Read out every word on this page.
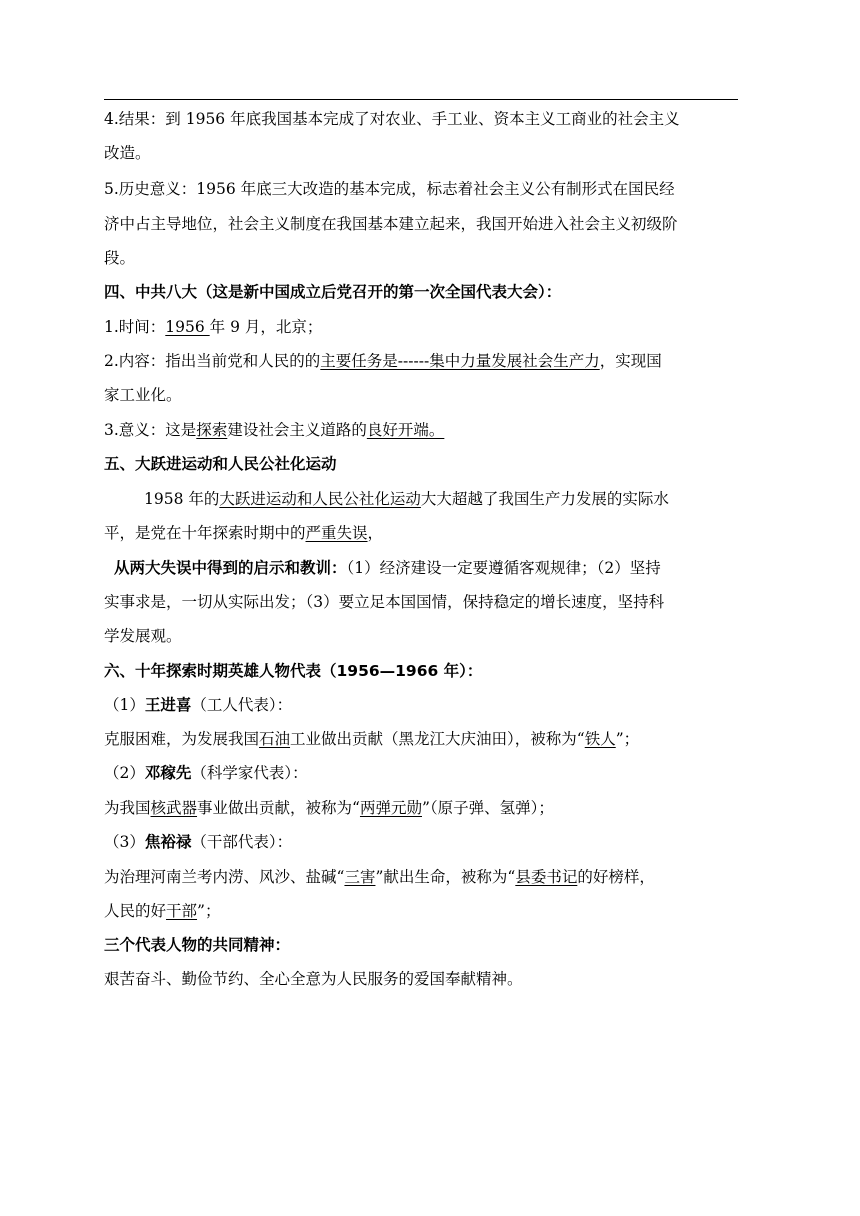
4.结果：到 1956 年底我国基本完成了对农业、手工业、资本主义工商业的社会主义
改造。
5.历史意义：1956 年底三大改造的基本完成，标志着社会主义公有制形式在国民经
济中占主导地位，社会主义制度在我国基本建立起来，我国开始进入社会主义初级阶
段。
四、中共八大（这是新中国成立后党召开的第一次全国代表大会）：
1.时间：1956 年 9 月，北京；
2.内容：指出当前党和人民的的主要任务是------集中力量发展社会生产力，实现国
家工业化。
3.意义：这是探索建设社会主义道路的良好开端。
五、大跃进运动和人民公社化运动
1958 年的大跃进运动和人民公社化运动大大超越了我国生产力发展的实际水
平，是党在十年探索时期中的严重失误，
从两大失误中得到的启示和教训：（1）经济建设一定要遵循客观规律；（2）坚持
实事求是，一切从实际出发；（3）要立足本国国情，保持稳定的增长速度，坚持科
学发展观。
六、十年探索时期英雄人物代表（1956—1966 年）：
（1）王进喜（工人代表）：
克服困难，为发展我国石油工业做出贡献（黑龙江大庆油田），被称为“铁人”；
（2）邓稼先（科学家代表）：
为我国核武器事业做出贡献，被称为“两弹元勋”（原子弹、氢弹）；
（3）焦裕禄（干部代表）：
为治理河南兰考内涝、风沙、盐碱“三害”献出生命，被称为“县委书记的好榜样，
人民的好干部”；
三个代表人物的共同精神：
艰苦奋斗、勤俭节约、全心全意为人民服务的爱国奉献精神。
